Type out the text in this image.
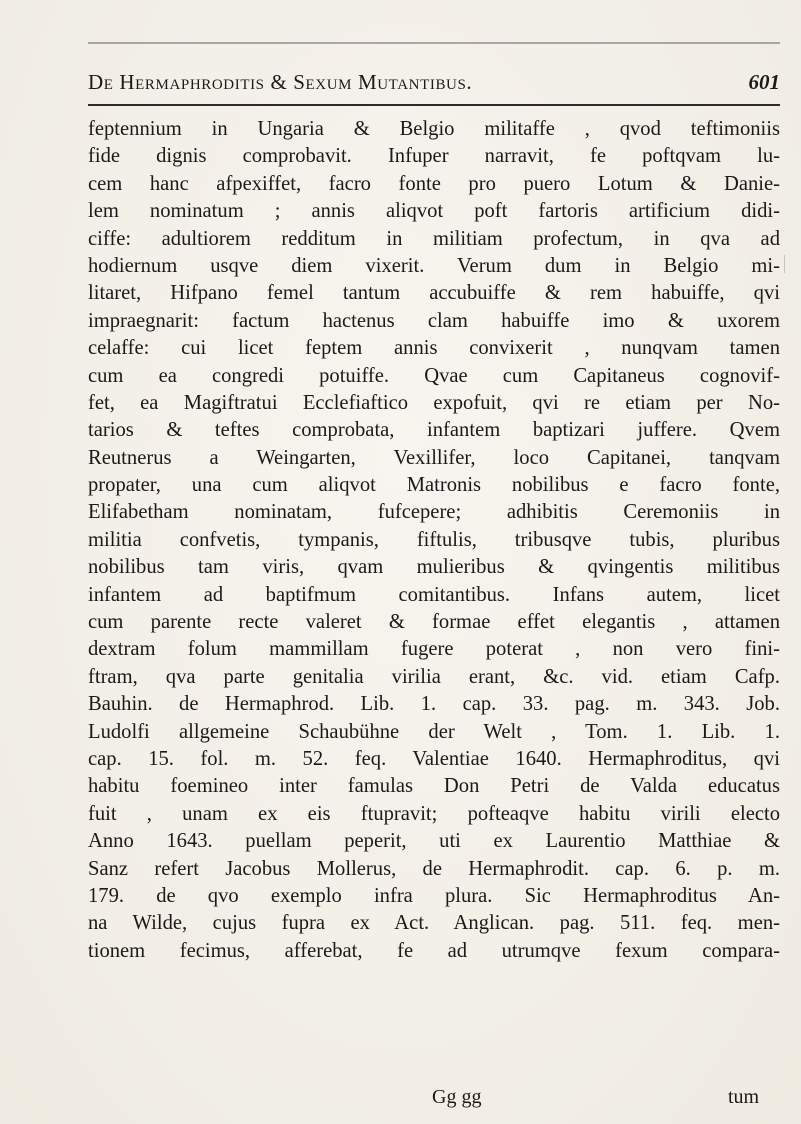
De Hermaphroditis & Sexum Mutantibus.	601
feptennium in Ungaria & Belgio militaffe , qvod teftimoniis
fide dignis comprobavit. Infuper narravit, fe poftqvam lu-
cem hanc afpexiffet, facro fonte pro puero Lotum & Danie-
lem nominatum ; annis aliqvot poft fartoris artificium didi-
ciffe: adultiorem redditum in militiam profectum, in qva ad
hodiernum usqve diem vixerit. Verum dum in Belgio mi-
litaret, Hifpano femel tantum accubuiffe & rem habuiffe, qvi
impraegnarit: factum hactenus clam habuiffe imo & uxorem
celaffe: cui licet feptem annis convixerit , nunqvam tamen
cum ea congredi potuiffe. Qvae cum Capitaneus cognovif-
fet, ea Magiftratui Ecclefiaftico expofuit, qvi re etiam per No-
tarios & teftes comprobata, infantem baptizari juffere. Qvem
Reutnerus a Weingarten, Vexillifer, loco Capitanei, tanqvam
propater, una cum aliqvot Matronis nobilibus e facro fonte,
Elifabetham nominatam, fufcepere; adhibitis Ceremoniis in
militia confvetis, tympanis, fiftulis, tribusqve tubis, pluribus
nobilibus tam viris, qvam mulieribus & qvingentis militibus
infantem ad baptifmum comitantibus. Infans autem, licet
cum parente recte valeret & formae effet elegantis , attamen
dextram folum mammillam fugere poterat , non vero fini-
ftram, qva parte genitalia virilia erant, &c. vid. etiam Cafp.
Bauhin. de Hermaphrod. Lib. 1. cap. 33. pag. m. 343. Job.
Ludolfi allgemeine Schaubühne der Welt , Tom. 1. Lib. 1.
cap. 15. fol. m. 52. feq. Valentiae 1640. Hermaphroditus, qvi
habitu foemineo inter famulas Don Petri de Valda educatus
fuit , unam ex eis ftupravit; pofteaqve habitu virili electo
Anno 1643. puellam peperit, uti ex Laurentio Matthiae &
Sanz refert Jacobus Mollerus, de Hermaphrodit. cap. 6. p. m.
179. de qvo exemplo infra plura. Sic Hermaphroditus An-
na Wilde, cujus fupra ex Act. Anglican. pag. 511. feq. men-
tionem fecimus, afferebat, fe ad utrumqve fexum compara-
Gg gg	tum
